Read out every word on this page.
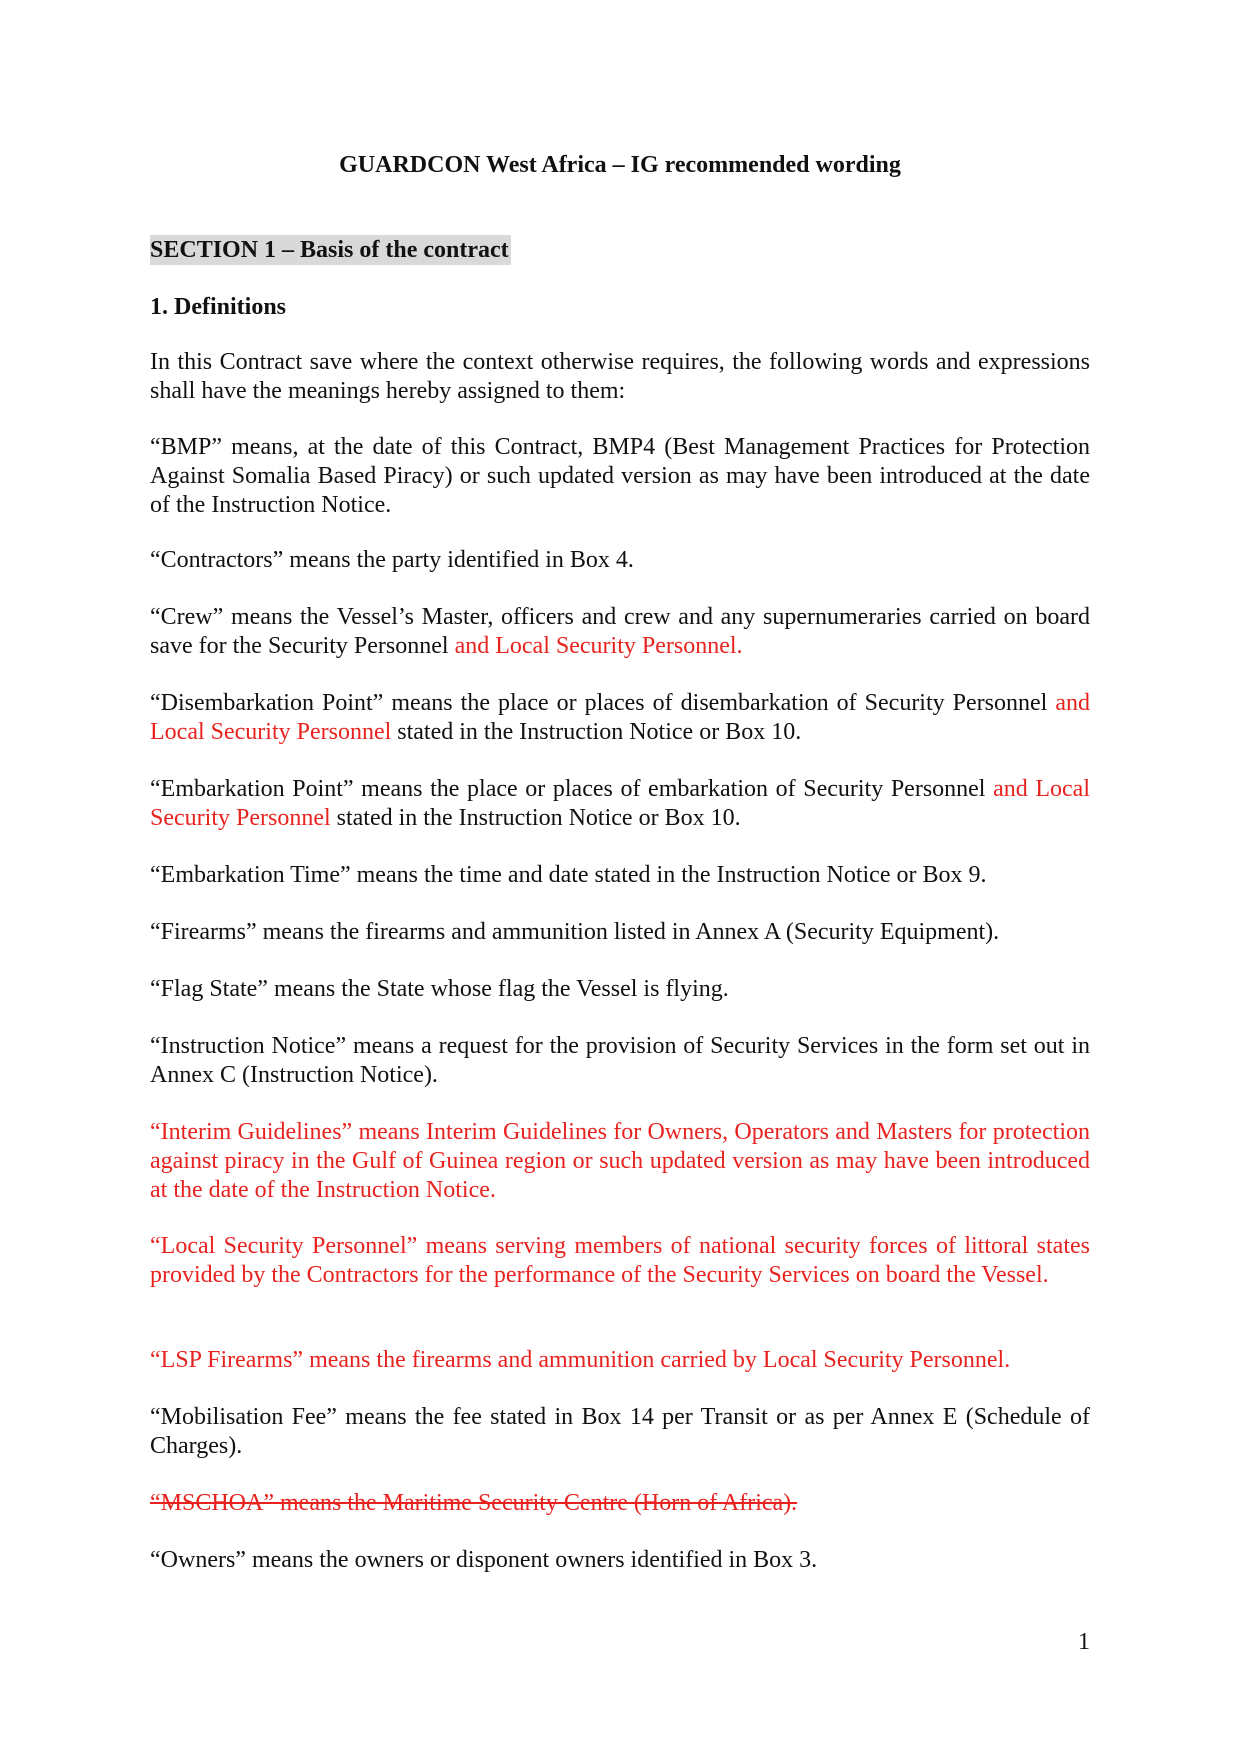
GUARDCON West Africa – IG recommended wording
SECTION 1 – Basis of the contract
1. Definitions

In this Contract save where the context otherwise requires, the following words and expressions shall have the meanings hereby assigned to them:

“BMP” means, at the date of this Contract, BMP4 (Best Management Practices for Protection Against Somalia Based Piracy) or such updated version as may have been introduced at the date of the Instruction Notice.

“Contractors” means the party identified in Box 4.

“Crew” means the Vessel’s Master, officers and crew and any supernumeraries carried on board save for the Security Personnel and Local Security Personnel.

“Disembarkation Point” means the place or places of disembarkation of Security Personnel and Local Security Personnel stated in the Instruction Notice or Box 10.

“Embarkation Point” means the place or places of embarkation of Security Personnel and Local Security Personnel stated in the Instruction Notice or Box 10.

“Embarkation Time” means the time and date stated in the Instruction Notice or Box 9.

“Firearms” means the firearms and ammunition listed in Annex A (Security Equipment).

“Flag State” means the State whose flag the Vessel is flying.

“Instruction Notice” means a request for the provision of Security Services in the form set out in Annex C (Instruction Notice).

“Interim Guidelines” means Interim Guidelines for Owners, Operators and Masters for protection against piracy in the Gulf of Guinea region or such updated version as may have been introduced at the date of the Instruction Notice.

“Local Security Personnel” means serving members of national security forces of littoral states provided by the Contractors for the performance of the Security Services on board the Vessel.

“LSP Firearms” means the firearms and ammunition carried by Local Security Personnel.

“Mobilisation Fee” means the fee stated in Box 14 per Transit or as per Annex E (Schedule of Charges).

“MSCHOA” means the Maritime Security Centre (Horn of Africa).

“Owners” means the owners or disponent owners identified in Box 3.

1
